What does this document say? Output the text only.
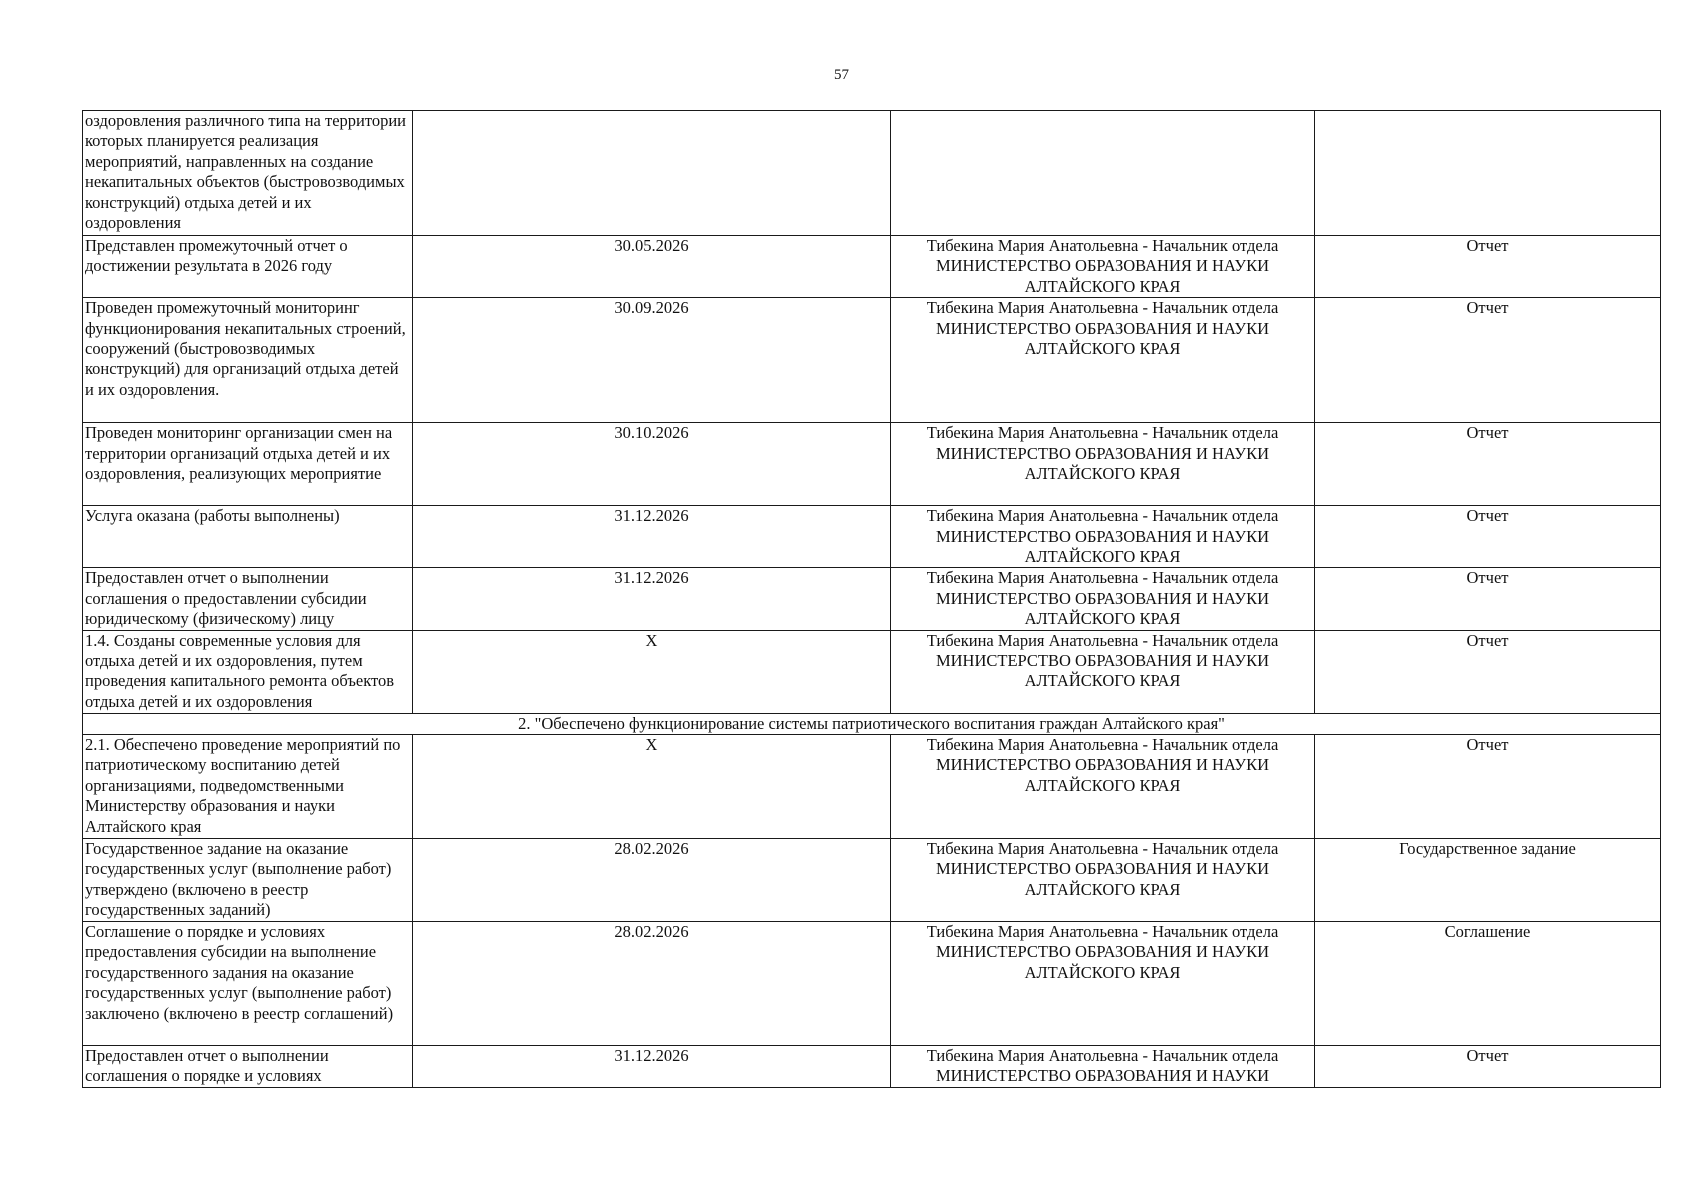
57
оздоровления различного типа на территории которых планируется реализация мероприятий, направленных на создание некапитальных объектов (быстровозводимых конструкций) отдыха детей и их оздоровления			
Представлен промежуточный отчет о достижении результата в 2026 году	30.05.2026	Тибекина Мария Анатольевна - Начальник отдела
МИНИСТЕРСТВО ОБРАЗОВАНИЯ И НАУКИ
АЛТАЙСКОГО КРАЯ	Отчет
Проведен промежуточный мониторинг функционирования некапитальных строений, сооружений (быстровозводимых конструкций) для организаций отдыха детей и их оздоровления.	30.09.2026	Тибекина Мария Анатольевна - Начальник отдела
МИНИСТЕРСТВО ОБРАЗОВАНИЯ И НАУКИ
АЛТАЙСКОГО КРАЯ	Отчет
Проведен мониторинг организации смен на территории организаций отдыха детей и их оздоровления, реализующих мероприятие	30.10.2026	Тибекина Мария Анатольевна - Начальник отдела
МИНИСТЕРСТВО ОБРАЗОВАНИЯ И НАУКИ
АЛТАЙСКОГО КРАЯ	Отчет
Услуга оказана (работы выполнены)	31.12.2026	Тибекина Мария Анатольевна - Начальник отдела
МИНИСТЕРСТВО ОБРАЗОВАНИЯ И НАУКИ
АЛТАЙСКОГО КРАЯ	Отчет
Предоставлен отчет о выполнении соглашения о предоставлении субсидии юридическому (физическому) лицу	31.12.2026	Тибекина Мария Анатольевна - Начальник отдела
МИНИСТЕРСТВО ОБРАЗОВАНИЯ И НАУКИ
АЛТАЙСКОГО КРАЯ	Отчет
1.4. Созданы современные условия для отдыха детей и их оздоровления, путем проведения капитального ремонта объектов отдыха детей и их оздоровления	X	Тибекина Мария Анатольевна - Начальник отдела
МИНИСТЕРСТВО ОБРАЗОВАНИЯ И НАУКИ
АЛТАЙСКОГО КРАЯ	Отчет
2. "Обеспечено функционирование системы патриотического воспитания граждан Алтайского края"			
2.1. Обеспечено проведение мероприятий по патриотическому воспитанию детей организациями, подведомственными Министерству образования и науки Алтайского края	X	Тибекина Мария Анатольевна - Начальник отдела
МИНИСТЕРСТВО ОБРАЗОВАНИЯ И НАУКИ
АЛТАЙСКОГО КРАЯ	Отчет
Государственное задание на оказание государственных услуг (выполнение работ) утверждено (включено в реестр государственных заданий)	28.02.2026	Тибекина Мария Анатольевна - Начальник отдела
МИНИСТЕРСТВО ОБРАЗОВАНИЯ И НАУКИ
АЛТАЙСКОГО КРАЯ	Государственное задание
Соглашение о порядке и условиях предоставления субсидии на выполнение государственного задания на оказание государственных услуг (выполнение работ) заключено (включено в реестр соглашений)	28.02.2026	Тибекина Мария Анатольевна - Начальник отдела
МИНИСТЕРСТВО ОБРАЗОВАНИЯ И НАУКИ
АЛТАЙСКОГО КРАЯ	Соглашение
Предоставлен отчет о выполнении соглашения о порядке и условиях	31.12.2026	Тибекина Мария Анатольевна - Начальник отдела
МИНИСТЕРСТВО ОБРАЗОВАНИЯ И НАУКИ	Отчет
